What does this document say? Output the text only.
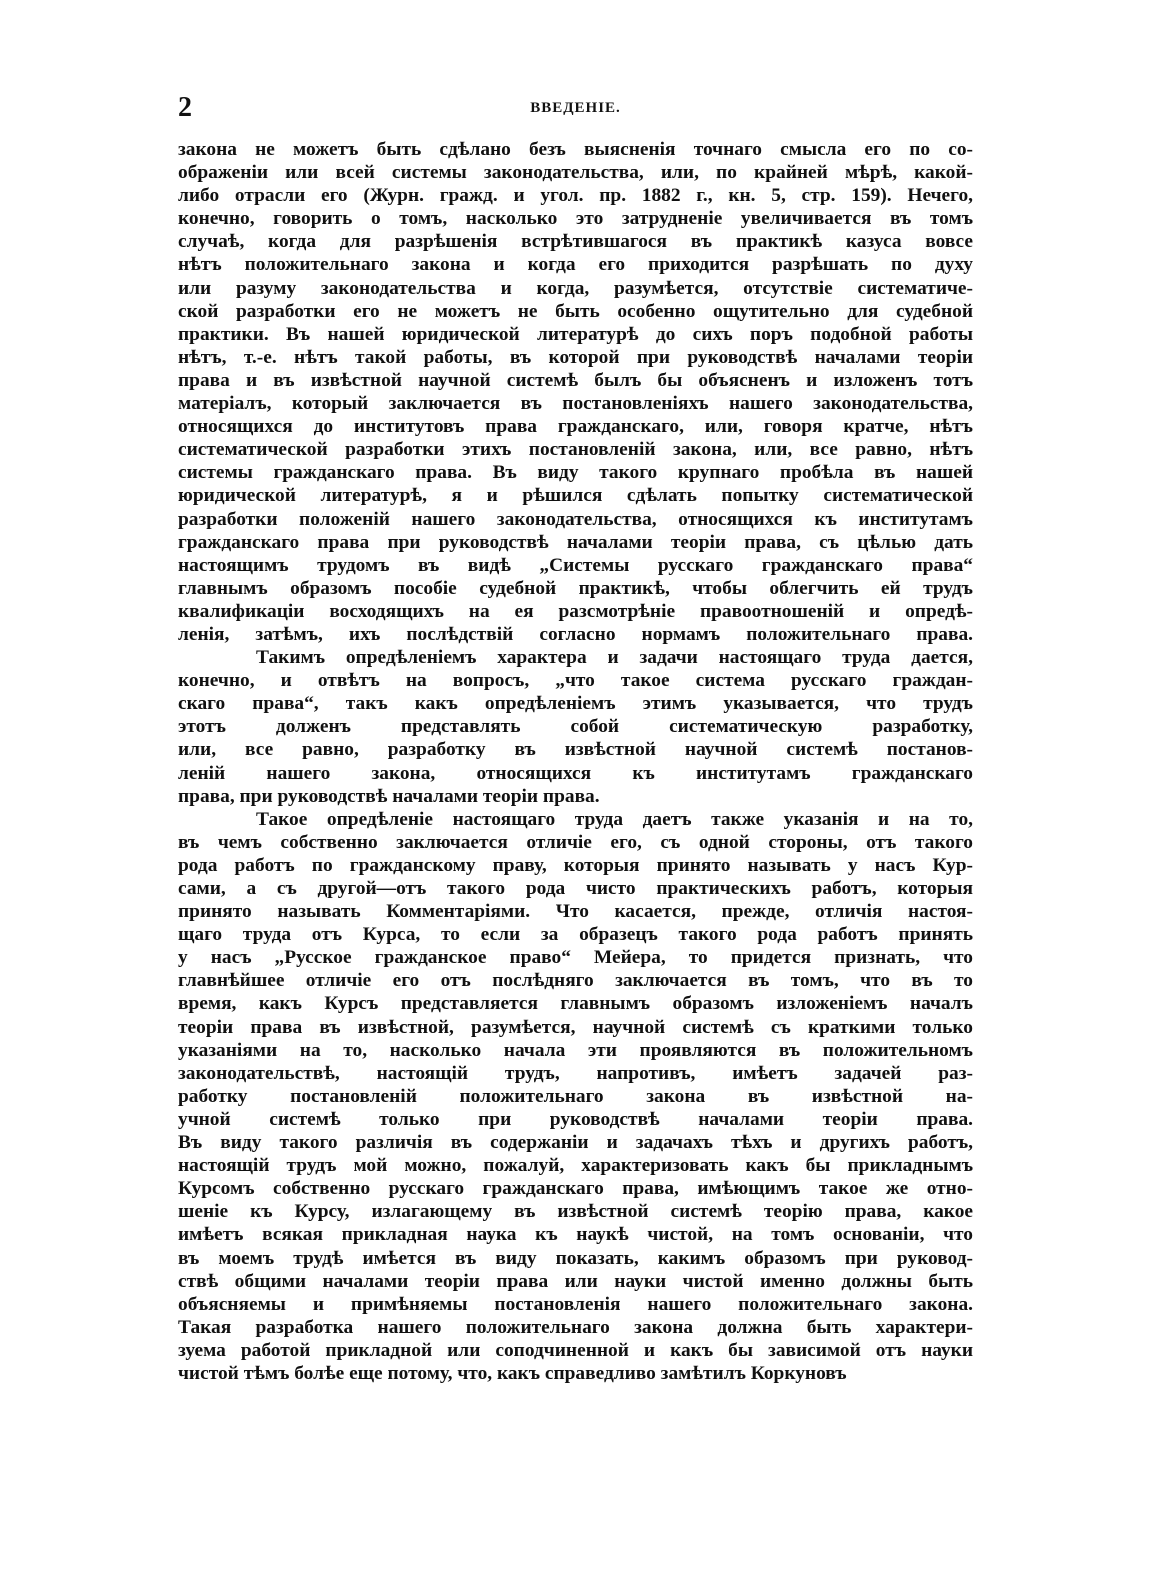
2	ВВЕДЕНІЕ.
закона не можетъ быть сдѣлано безъ выясненія точнаго смысла его по со-
ображеніи или всей системы законодательства, или, по крайней мѣрѣ, какой-
либо отрасли его (Журн. гражд. и угол. пр. 1882 г., кн. 5, стр. 159). Нечего,
конечно, говорить о томъ, насколько это затрудненіе увеличивается въ томъ
случаѣ, когда для разрѣшенія встрѣтившагося въ практикѣ казуса вовсе
нѣтъ положительнаго закона и когда его приходится разрѣшать по духу
или разуму законодательства и когда, разумѣется, отсутствіе систематиче-
ской разработки его не можетъ не быть особенно ощутительно для судебной
практики. Въ нашей юридической литературѣ до сихъ поръ подобной работы
нѣтъ, т.-е. нѣтъ такой работы, въ которой при руководствѣ началами теоріи
права и въ извѣстной научной системѣ былъ бы объясненъ и изложенъ тотъ
матеріалъ, который заключается въ постановленіяхъ нашего законодательства,
относящихся до институтовъ права гражданскаго, или, говоря кратче, нѣтъ
систематической разработки этихъ постановленій закона, или, все равно, нѣтъ
системы гражданскаго права. Въ виду такого крупнаго пробѣла въ нашей
юридической литературѣ, я и рѣшился сдѣлать попытку систематической
разработки положеній нашего законодательства, относящихся къ институтамъ
гражданскаго права при руководствѣ началами теоріи права, съ цѣлью дать
настоящимъ трудомъ въ видѣ „Системы русскаго гражданскаго права“
главнымъ образомъ пособіе судебной практикѣ, чтобы облегчить ей трудъ
квалификаціи восходящихъ на ея разсмотрѣніе правоотношеній и опредѣ-
ленія, затѣмъ, ихъ послѣдствій согласно нормамъ положительнаго права.
Такимъ опредѣленіемъ характера и задачи настоящаго труда дается,
конечно, и отвѣтъ на вопросъ, „что такое система русскаго граждан-
скаго права“, такъ какъ опредѣленіемъ этимъ указывается, что трудъ
этотъ долженъ представлять собой систематическую разработку,
или, все равно, разработку въ извѣстной научной системѣ постанов-
леній нашего закона, относящихся къ институтамъ гражданскаго
права, при руководствѣ началами теоріи права.
Такое опредѣленіе настоящаго труда даетъ также указанія и на то,
въ чемъ собственно заключается отличіе его, съ одной стороны, отъ такого
рода работъ по гражданскому праву, которыя принято называть у насъ Кур-
сами, а съ другой—отъ такого рода чисто практическихъ работъ, которыя
принято называть Комментаріями. Что касается, прежде, отличія настоя-
щаго труда отъ Курса, то если за образецъ такого рода работъ принять
у насъ „Русское гражданское право“ Мейера, то придется признать, что
главнѣйшее отличіе его отъ послѣдняго заключается въ томъ, что въ то
время, какъ Курсъ представляется главнымъ образомъ изложеніемъ началъ
теоріи права въ извѣстной, разумѣется, научной системѣ съ краткими только
указаніями на то, насколько начала эти проявляются въ положительномъ
законодательствѣ, настоящій трудъ, напротивъ, имѣетъ задачей раз-
работку постановленій положительнаго закона въ извѣстной на-
учной системѣ только при руководствѣ началами теоріи права.
Въ виду такого различія въ содержаніи и задачахъ тѣхъ и другихъ работъ,
настоящій трудъ мой можно, пожалуй, характеризовать какъ бы прикладнымъ
Курсомъ собственно русскаго гражданскаго права, имѣющимъ такое же отно-
шеніе къ Курсу, излагающему въ извѣстной системѣ теорію права, какое
имѣетъ всякая прикладная наука къ наукѣ чистой, на томъ основаніи, что
въ моемъ трудѣ имѣется въ виду показать, какимъ образомъ при руковод-
ствѣ общими началами теоріи права или науки чистой именно должны быть
объясняемы и примѣняемы постановленія нашего положительнаго закона.
Такая разработка нашего положительнаго закона должна быть характери-
зуема работой прикладной или соподчиненной и какъ бы зависимой отъ науки
чистой тѣмъ болѣе еще потому, что, какъ справедливо замѣтилъ Коркуновъ
